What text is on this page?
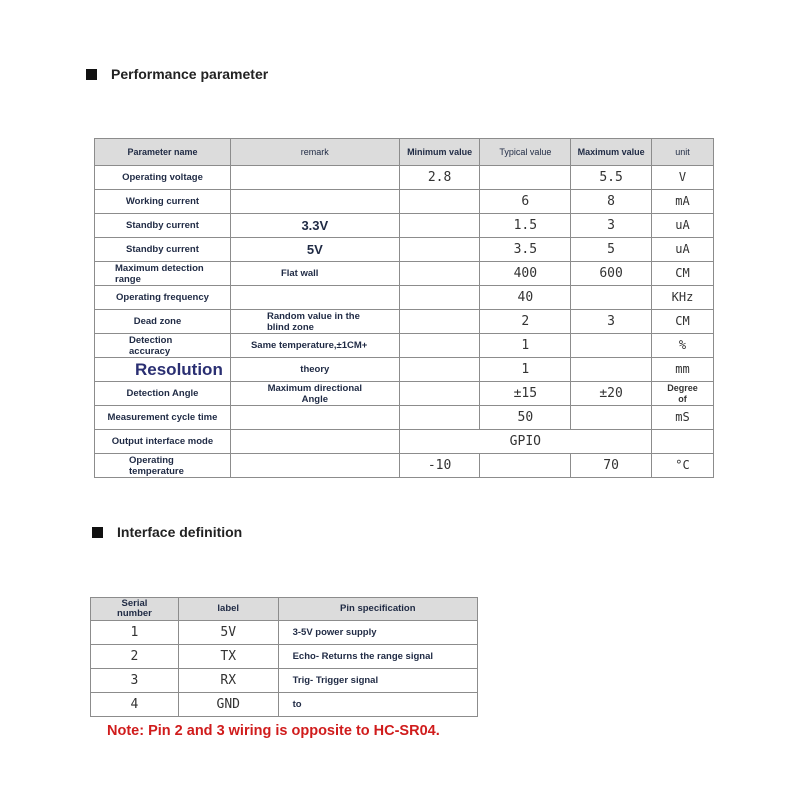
Performance parameter
Parameter name	remark	Minimum value	Typical value	Maximum value	unit
Operating voltage		2.8		5.5	V
Working current			6	8	mA
Standby current	3.3V		1.5	3	uA
Standby current	5V		3.5	5	uA
Maximum detection range	Flat wall		400	600	CM
Operating frequency			40		KHz
Dead zone	Random value in the blind zone		2	3	CM
Detection accuracy	Same temperature,±1CM+		1		%
Resolution	theory		1		mm
Detection Angle	Maximum directional Angle		±15	±20	Degree of
Measurement cycle time			50		mS
Output interface mode		GPIO			
Operating temperature		-10		70	°C
Interface definition
Serial number	label	Pin specification
1	5V	3-5V power supply
2	TX	Echo- Returns the range signal
3	RX	Trig- Trigger signal
4	GND	to
Note: Pin 2 and 3 wiring is opposite to HC-SR04.
